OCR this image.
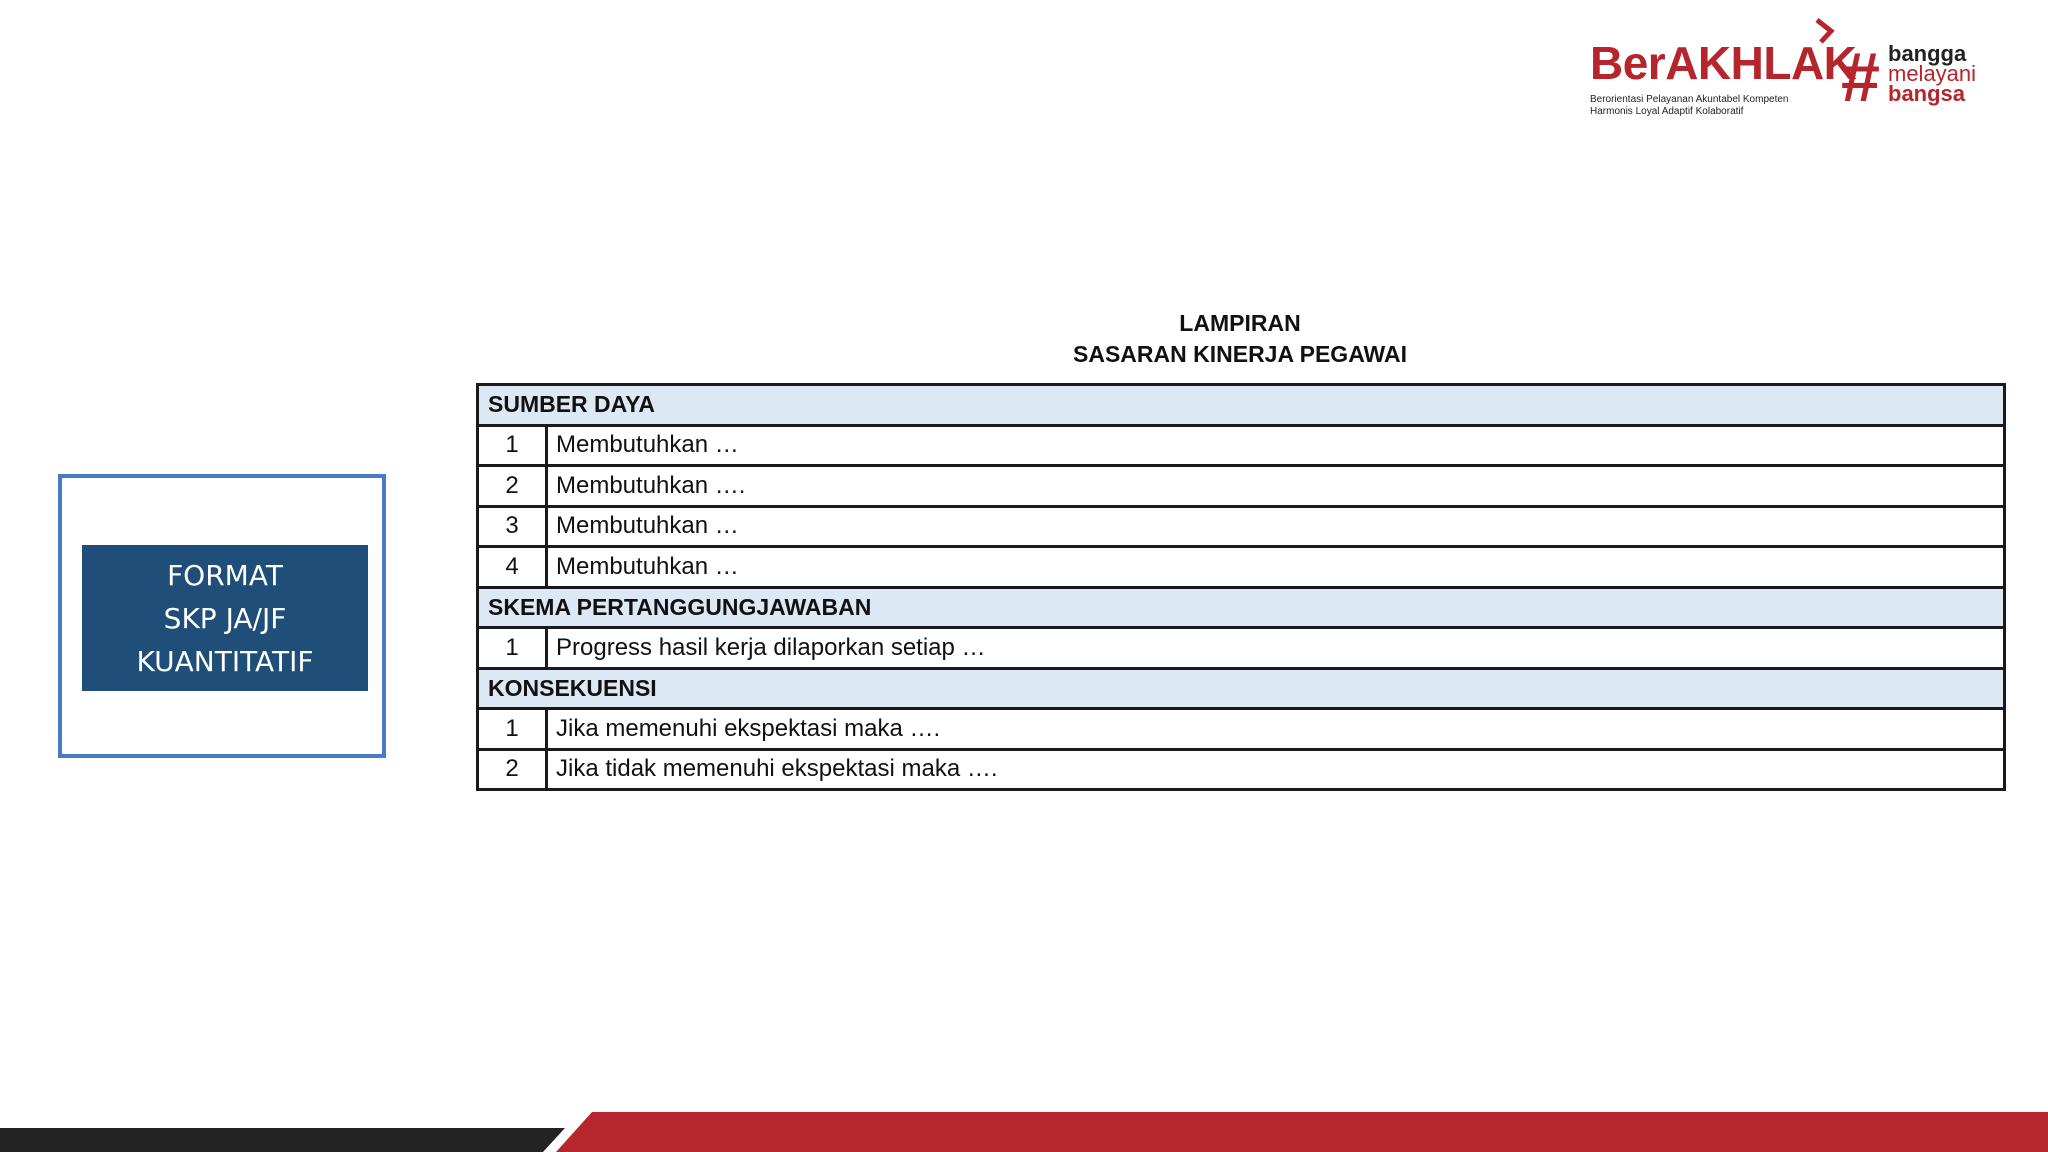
BerAKHLAK
Berorientasi Pelayanan Akuntabel Kompeten
Harmonis Loyal Adaptif Kolaboratif	# bangga
melayani
bangsa
FORMAT
SKP JA/JF
KUANTITATIF
LAMPIRAN
SASARAN KINERJA PEGAWAI
SUMBER DAYA	
1	Membutuhkan …
2	Membutuhkan ….
3	Membutuhkan …
4	Membutuhkan …
SKEMA PERTANGGUNGJAWABAN	
1	Progress hasil kerja dilaporkan setiap …
KONSEKUENSI	
1	Jika memenuhi ekspektasi maka ….
2	Jika tidak memenuhi ekspektasi maka ….
